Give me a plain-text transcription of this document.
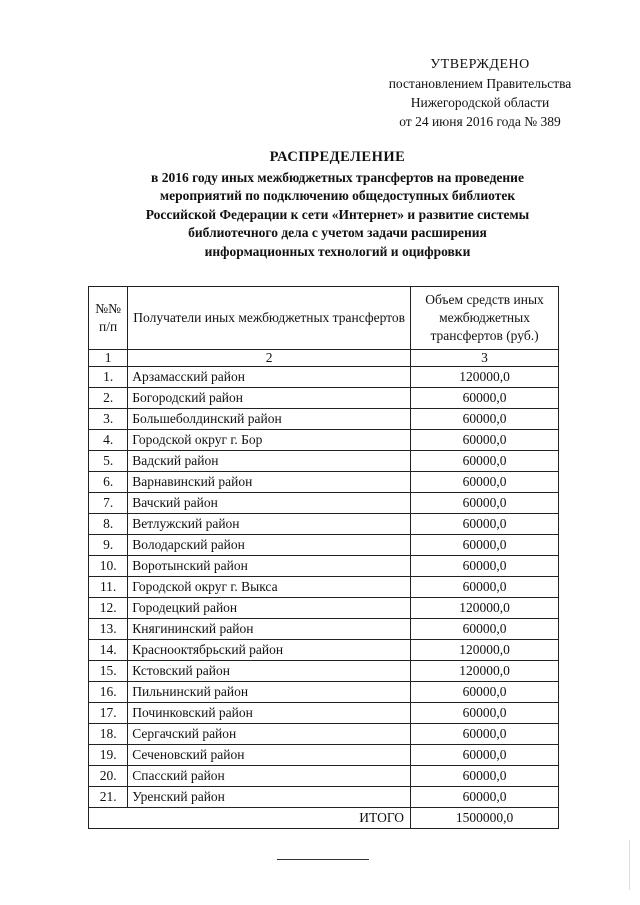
УТВЕРЖДЕНО
постановлением Правительства
Нижегородской области
от 24 июня 2016 года № 389
РАСПРЕДЕЛЕНИЕ
в 2016 году иных межбюджетных трансфертов на проведение
мероприятий по подключению общедоступных библиотек
Российской Федерации к сети «Интернет» и развитие системы
библиотечного дела с учетом задачи расширения
информационных технологий и оцифровки
№№ п/п	Получатели иных межбюджетных трансфертов	Объем средств иных межбюджетных трансфертов (руб.)
1	2	3
1.	Арзамасский район	120000,0
2.	Богородский район	60000,0
3.	Большеболдинский район	60000,0
4.	Городской округ г. Бор	60000,0
5.	Вадский район	60000,0
6.	Варнавинский район	60000,0
7.	Вачский район	60000,0
8.	Ветлужский район	60000,0
9.	Володарский район	60000,0
10.	Воротынский район	60000,0
11.	Городской округ г. Выкса	60000,0
12.	Городецкий район	120000,0
13.	Княгининский район	60000,0
14.	Краснооктябрьский район	120000,0
15.	Кстовский район	120000,0
16.	Пильнинский район	60000,0
17.	Починковский район	60000,0
18.	Сергачский район	60000,0
19.	Сеченовский район	60000,0
20.	Спасский район	60000,0
21.	Уренский район	60000,0
ИТОГО		1500000,0
